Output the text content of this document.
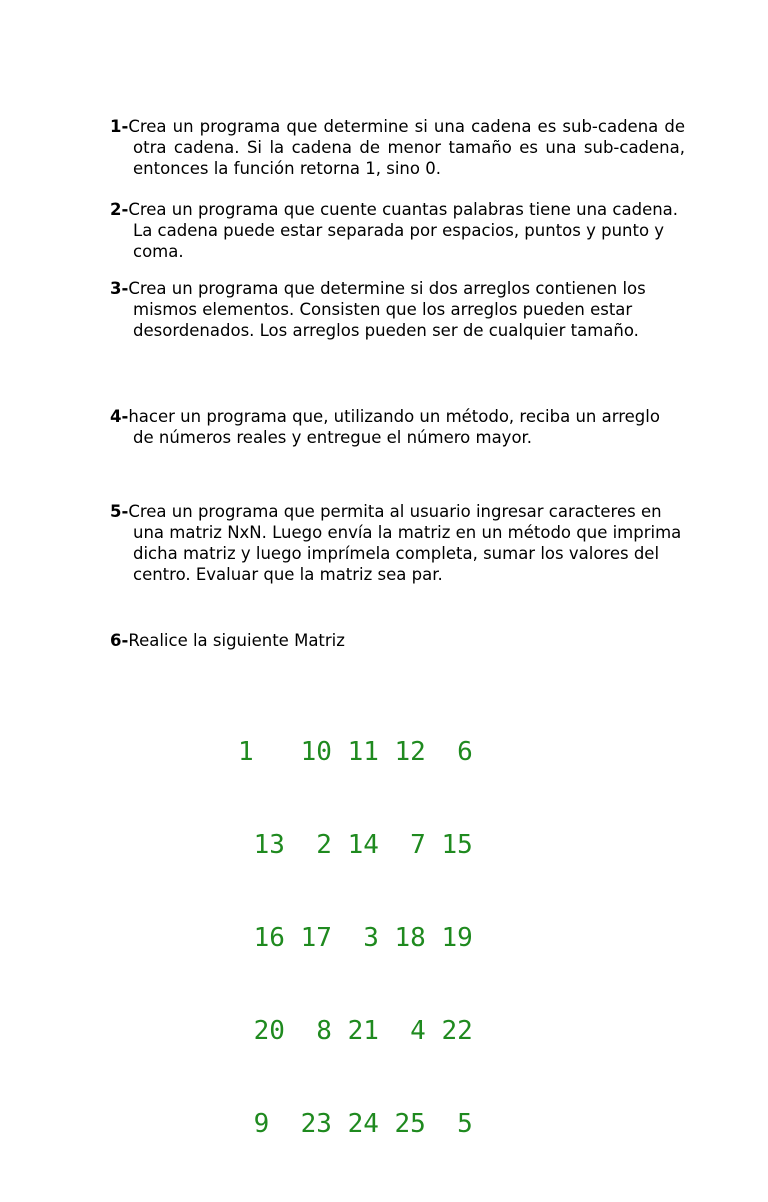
1-Crea un programa que determine si una cadena es sub-cadena de otra cadena. Si la cadena de menor tamaño es una sub-cadena, entonces la función retorna 1, sino 0.

2-Crea un programa que cuente cuantas palabras tiene una cadena. La cadena puede estar separada por espacios, puntos y punto y coma.

3-Crea un programa que determine si dos arreglos contienen los mismos elementos. Consisten que los arreglos pueden estar desordenados. Los arreglos pueden ser de cualquier tamaño.

4-hacer un programa que, utilizando un método, reciba un arreglo de números reales y entregue el número mayor.

5-Crea un programa que permita al usuario ingresar caracteres en una matriz NxN. Luego envía la matriz en un método que imprima dicha matriz y luego imprímela completa, sumar los valores del centro. Evaluar que la matriz sea par.

6-Realice la siguiente Matriz

1   10 11 12  6

13  2 14  7 15

16 17  3 18 19

20  8 21  4 22

9  23 24 25  5
